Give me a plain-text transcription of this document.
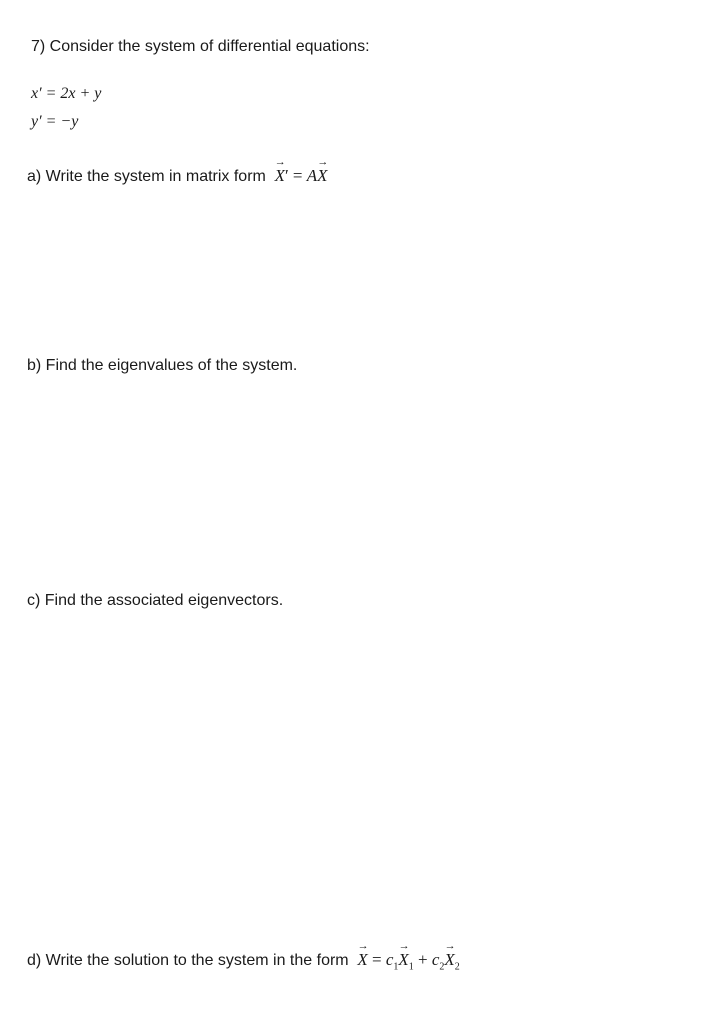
7) Consider the system of differential equations:
x′ = 2x + y
y′ = −y
a) Write the system in matrix form → X′ = A→ X
b) Find the eigenvalues of the system.
c) Find the associated eigenvectors.
d) Write the solution to the system in the form → $X = c_1\to X_1 + c_2\to X_2$
